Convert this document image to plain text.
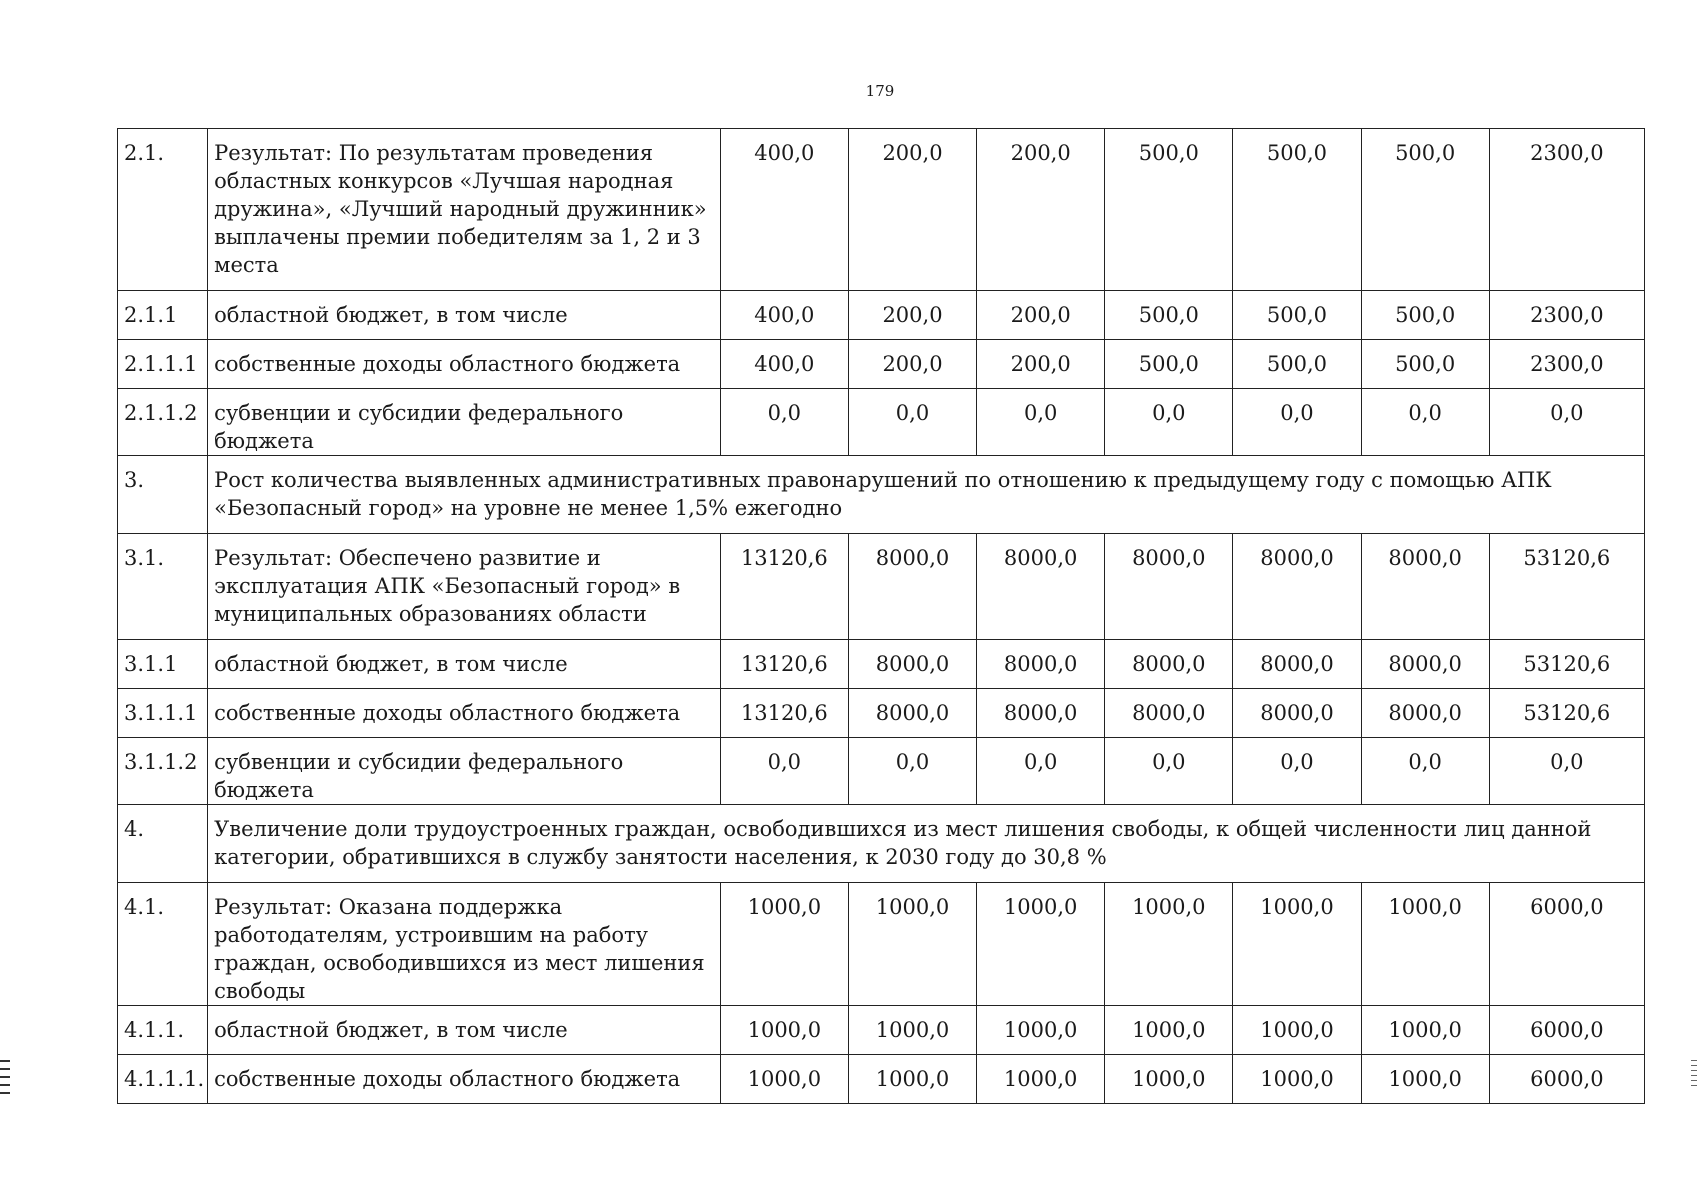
179
2.1.	Результат: По результатам проведения областных конкурсов «Лучшая народная дружина», «Лучший народный дружинник» выплачены премии победителям за 1, 2 и 3 места	400,0	200,0	200,0	500,0	500,0	500,0	2300,0
2.1.1	областной бюджет, в том числе	400,0	200,0	200,0	500,0	500,0	500,0	2300,0
2.1.1.1	собственные доходы областного бюджета	400,0	200,0	200,0	500,0	500,0	500,0	2300,0
2.1.1.2	субвенции и субсидии федерального бюджета	0,0	0,0	0,0	0,0	0,0	0,0	0,0
3.	Рост количества выявленных административных правонарушений по отношению к предыдущему году с помощью АПК «Безопасный город» на уровне не менее 1,5% ежегодно							
3.1.	Результат: Обеспечено развитие и эксплуатация АПК «Безопасный город» в муниципальных образованиях области	13120,6	8000,0	8000,0	8000,0	8000,0	8000,0	53120,6
3.1.1	областной бюджет, в том числе	13120,6	8000,0	8000,0	8000,0	8000,0	8000,0	53120,6
3.1.1.1	собственные доходы областного бюджета	13120,6	8000,0	8000,0	8000,0	8000,0	8000,0	53120,6
3.1.1.2	субвенции и субсидии федерального бюджета	0,0	0,0	0,0	0,0	0,0	0,0	0,0
4.	Увеличение доли трудоустроенных граждан, освободившихся из мест лишения свободы, к общей численности лиц данной категории, обратившихся в службу занятости населения, к 2030 году до 30,8 %							
4.1.	Результат: Оказана поддержка работодателям, устроившим на работу граждан, освободившихся из мест лишения свободы	1000,0	1000,0	1000,0	1000,0	1000,0	1000,0	6000,0
4.1.1.	областной бюджет, в том числе	1000,0	1000,0	1000,0	1000,0	1000,0	1000,0	6000,0
4.1.1.1.	собственные доходы областного бюджета	1000,0	1000,0	1000,0	1000,0	1000,0	1000,0	6000,0
